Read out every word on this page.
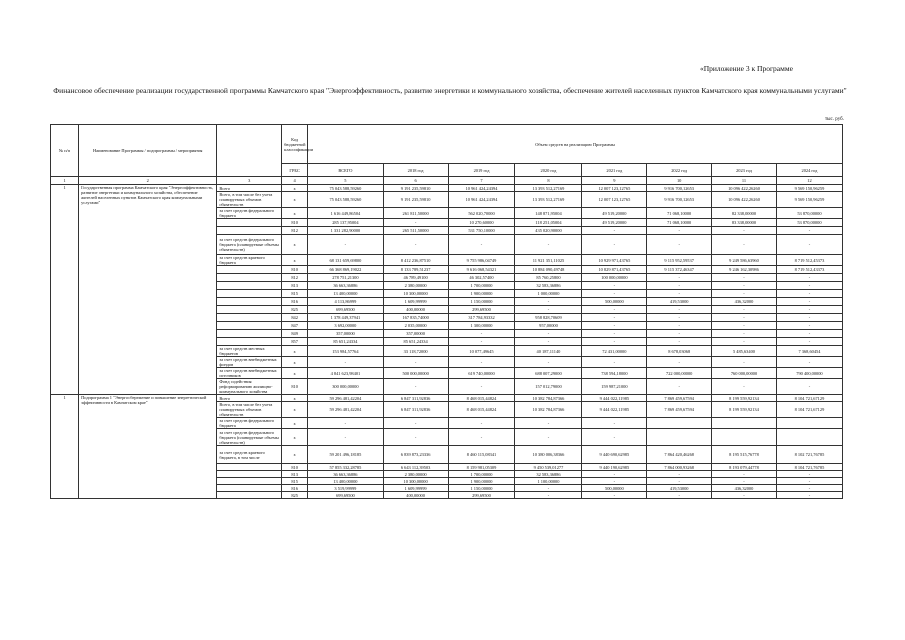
«Приложение 3 к Программе
Финансовое обеспечение реализации государственной программы Камчатского края "Энергоэффективность, развитие энергетики и коммунального хозяйства, обеспечение жителей населенных пунктов Камчатского края коммунальными услугами"
тыс. руб.
№ п/п	Наименование Программы / подпрограммы / мероприятия		Код бюджетной классификации	Объем средств на реализацию Программы							
			ГРБС	ВСЕГО	2018 год	2019 год	2020 год	2021 год	2022 год	2023 год	2024 год
1	2	3	4	5	6	7	8	9	10	11	12
1	Государственная программа Камчатского края "Энергоэффективность, развитие энергетики и коммунального хозяйства, обеспечение жителей населенных пунктов Камчатского края коммунальными услугами"	Всего	х	75 043 588,59260	9 191 235,59810	10 961 424,24394	13 393 512,27169	12 007 123,12765	9 916 700,12653	10 096 422,26260	9 569 150,96259
		Всего, в том числе без учета планируемых объемов обязательств	х	75 043 588,59260	9 191 235,59810	10 961 424,24394	13 393 512,27169	12 007 123,12765	9 916 700,12653	10 096 422,26260	9 569 150,96259
		за счет средств федерального бюджета	х	1 616 449,86504	261 811,50000	562 020,70000	148 871,95004	49 519,20000	71 068,10000	82 338,00000	53 870,00000
			810	285 137,95004	-	10 270,60000	118 251,05004	49 519,20000	71 068,10000	83 338,00000	53 870,00000
			812	1 331 282,90000	265 511,50000	531 750,10000	435 020,90000	-	-	-	-
		за счет средств федерального бюджета (планируемые объемы обязательств)	х	-	-	-	-	-	-	-	-
		за счет средств краевого бюджета	х	68 131 659,69800	8 412 236,87510	9 755 986,04749	11 921 351,11025	10 929 971,43765	9 115 952,59537	9 249 586,63960	8 719 512,45373
			810	66 368 869,19022	8 133 789,51237	9 616 068,54321	10 884 090,49748	10 829 871,43765	9 115 372,46347	9 246 162,30986	8 719 512,43373
			812	278 751,21300	46 789,49100	46 302,57400	85 760,25800	100 000,00000	-	-	-
			813	36 663,36886	2 380,00000	1 700,00000	32 583,36886	-	-	-	-
			815	13 400,00000	10 300,00000	1 900,00000	1 000,00000	-	-	-	-
			816	4 113,86999	1 609,99999	1 150,00000	-	500,00000	419,53000	436,32000	-
			825	699,69500	400,00000	299,69500	-	-	-	-	-
			842	1 378 449,37941	167 835,74000	317 784,93332	958 828,70609	-	-	-	-
			847	3 692,00000	2 035,00000	1 300,00000	957,00000	-	-	-	-
			849	357,00000	357,00000	-	-	-	-	-	-
			857	85 651,24334	85 651,24334	-	-	-	-	-	-
		за счет средств местных бюджетов	х	153 984,57764	33 118,72000	10 077,49645	40 187,11140	72 431,00000	8 678,03068	5 485,63400	7 368,60454
		за счет средств внебюджетных фондов	х	-	-	-	-	-	-	-	-
		за счет средств внебюджетных источников	х	4 841 623,98401	500 000,00000	619 740,00000	688 007,29000	738 594,18000	722 000,00000	760 000,00000	790 400,00000
		Фонд содействия реформированию жилищно-коммунального хозяйства	810	300 000,00000	-	-	157 012,79000	159 987,21000	-	-	-
1	Подпрограмма 1 "Энергосбережение и повышение энергетической эффективности в Камчатском крае"	Всего	х	59 296 481,42204	6 847 311,92836	8 468 015,44824	10 382 784,87366	9 444 022,11985	7 869 459,67594	8 199 559,92134	8 104 721,67129
		Всего, в том числе без учета планируемых объемов обязательств	х	59 296 481,42204	6 847 311,92836	8 468 015,44824	10 382 784,87366	9 444 022,11985	7 869 459,67594	8 199 559,92134	8 104 721,67129
		за счет средств федерального бюджета	х	-	-	-	-	-			
		за счет средств федерального бюджета (планируемые объемы обязательств)	х	-	-	-	-	-			
		за счет средств краевого бюджета, в том числе	х	59 201 496,18185	6 839 873,23336	8 460 115,08341	10 380 006,38366	9 440 690,62985	7 864 420,46268	8 195 515,76778	8 102 721,76785
			810	57 855 332,28785	6 643 112,39503	8 159 981,05309	9 450 539,01277	9 440 190,62985	7 864 000,93268	8 193 079,44778	8 104 721,76785
			813	36 663,36886	2 380,00000	1 700,00000	32 583,36886	-	-	-	-
			815	13 400,00000	10 300,00000	1 900,00000	1 100,00000	-	-	-	-
			816	3 519,99999	1 609,99999	1 150,00000	-	500,00000	419,53000	436,32000	-
			825	699,69500	400,00000	299,69500	-	-	-	-	-
